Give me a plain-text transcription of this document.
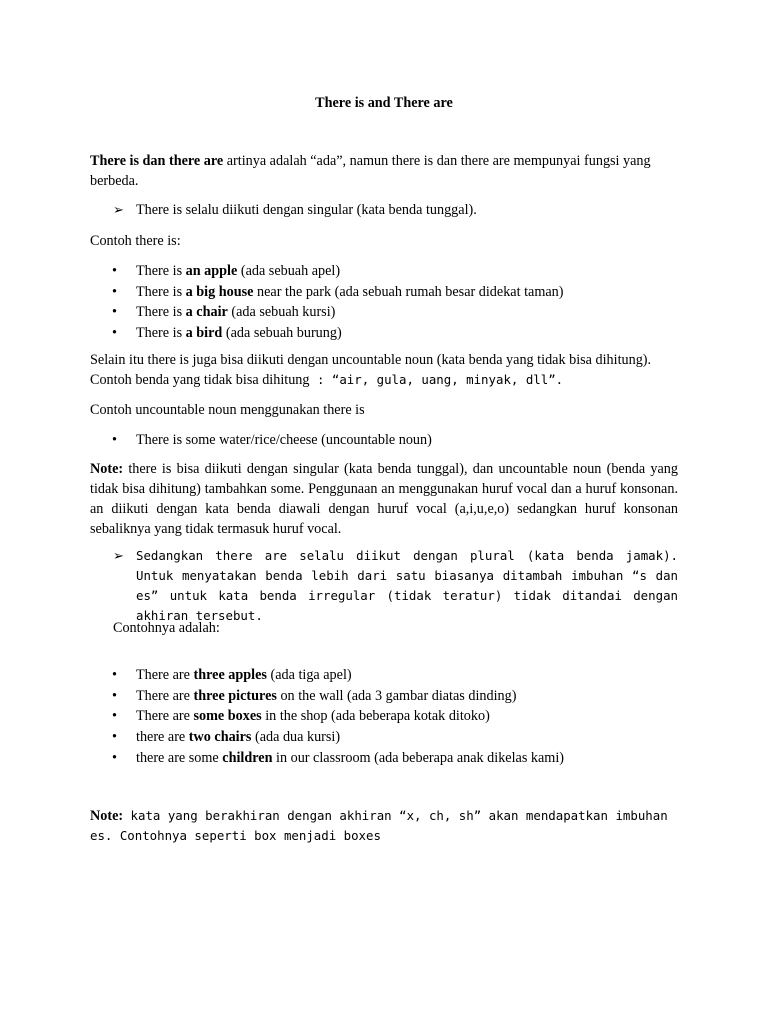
There is and There are

There is dan there are artinya adalah “ada”, namun there is dan there are mempunyai fungsi yang berbeda.

➢ There is selalu diikuti dengan singular (kata benda tunggal).

Contoh there is:

• There is an apple (ada sebuah apel)
• There is a big house near the park (ada sebuah rumah besar didekat taman)
• There is a chair (ada sebuah kursi)
• There is a bird (ada sebuah burung)

Selain itu there is juga bisa diikuti dengan uncountable noun (kata benda yang tidak bisa dihitung).
Contoh benda yang tidak bisa dihitung : “air, gula, uang, minyak, dll”.

Contoh uncountable noun menggunakan there is

• There is some water/rice/cheese (uncountable noun)

Note: there is bisa diikuti dengan singular (kata benda tunggal), dan uncountable noun (benda yang tidak bisa dihitung) tambahkan some. Penggunaan an menggunakan huruf vocal dan a huruf konsonan. an diikuti dengan kata benda diawali dengan huruf vocal (a,i,u,e,o) sedangkan huruf konsonan sebaliknya yang tidak termasuk huruf vocal.

➢ Sedangkan there are selalu diikut dengan plural (kata benda jamak). Untuk menyatakan benda lebih dari satu biasanya ditambah imbuhan “s dan es” untuk kata benda irregular (tidak teratur) tidak ditandai dengan akhiran tersebut.

Contohnya adalah:

• There are three apples (ada tiga apel)
• There are three pictures on the wall (ada 3 gambar diatas dinding)
• There are some boxes in the shop (ada beberapa kotak ditoko)
• there are two chairs (ada dua kursi)
• there are some children in our classroom (ada beberapa anak dikelas kami)

Note: kata yang berakhiran dengan akhiran “x, ch, sh” akan mendapatkan imbuhan es. Contohnya seperti box menjadi boxes
